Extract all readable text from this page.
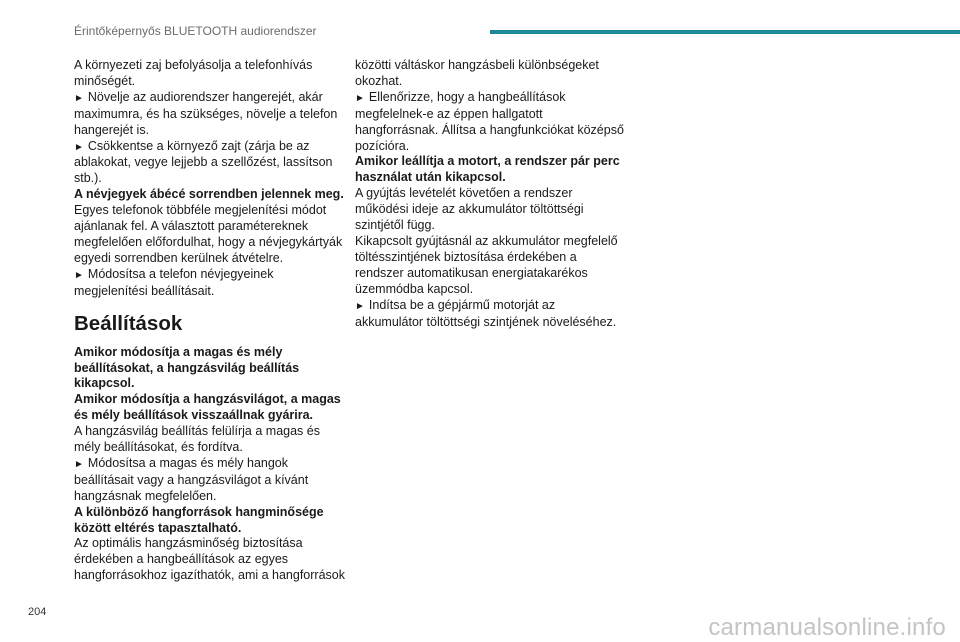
Érintőképernyős BLUETOOTH audiorendszer

A környezeti zaj befolyásolja a telefonhívás minőségét.

► Növelje az audiorendszer hangerejét, akár maximumra, és ha szükséges, növelje a telefon hangerejét is.

► Csökkentse a környező zajt (zárja be az ablakokat, vegye lejjebb a szellőzést, lassítson stb.).

A névjegyek ábécé sorrendben jelennek meg.

Egyes telefonok többféle megjelenítési módot ajánlanak fel. A választott paramétereknek megfelelően előfordulhat, hogy a névjegykártyák egyedi sorrendben kerülnek átvételre.

► Módosítsa a telefon névjegyeinek megjelenítési beállításait.

Beállítások

Amikor módosítja a magas és mély beállításokat, a hangzásvilág beállítás kikapcsol.

Amikor módosítja a hangzásvilágot, a magas és mély beállítások visszaállnak gyárira.

A hangzásvilág beállítás felülírja a magas és mély beállításokat, és fordítva.

► Módosítsa a magas és mély hangok beállításait vagy a hangzásvilágot a kívánt hangzásnak megfelelően.

A különböző hangforrások hangminősége között eltérés tapasztalható.

Az optimális hangzásminőség biztosítása érdekében a hangbeállítások az egyes hangforrásokhoz igazíthatók, ami a hangforrások

közötti váltáskor hangzásbeli különbségeket okozhat.

► Ellenőrizze, hogy a hangbeállítások megfelelnek-e az éppen hallgatott hangforrásnak. Állítsa a hangfunkciókat középső pozícióra.

Amikor leállítja a motort, a rendszer pár perc használat után kikapcsol.

A gyújtás levételét követően a rendszer működési ideje az akkumulátor töltöttségi szintjétől függ.

Kikapcsolt gyújtásnál az akkumulátor megfelelő töltésszintjének biztosítása érdekében a rendszer automatikusan energiatakarékos üzemmódba kapcsol.

► Indítsa be a gépjármű motorját az akkumulátor töltöttségi szintjének növeléséhez.

204
carmanualsonline.info
